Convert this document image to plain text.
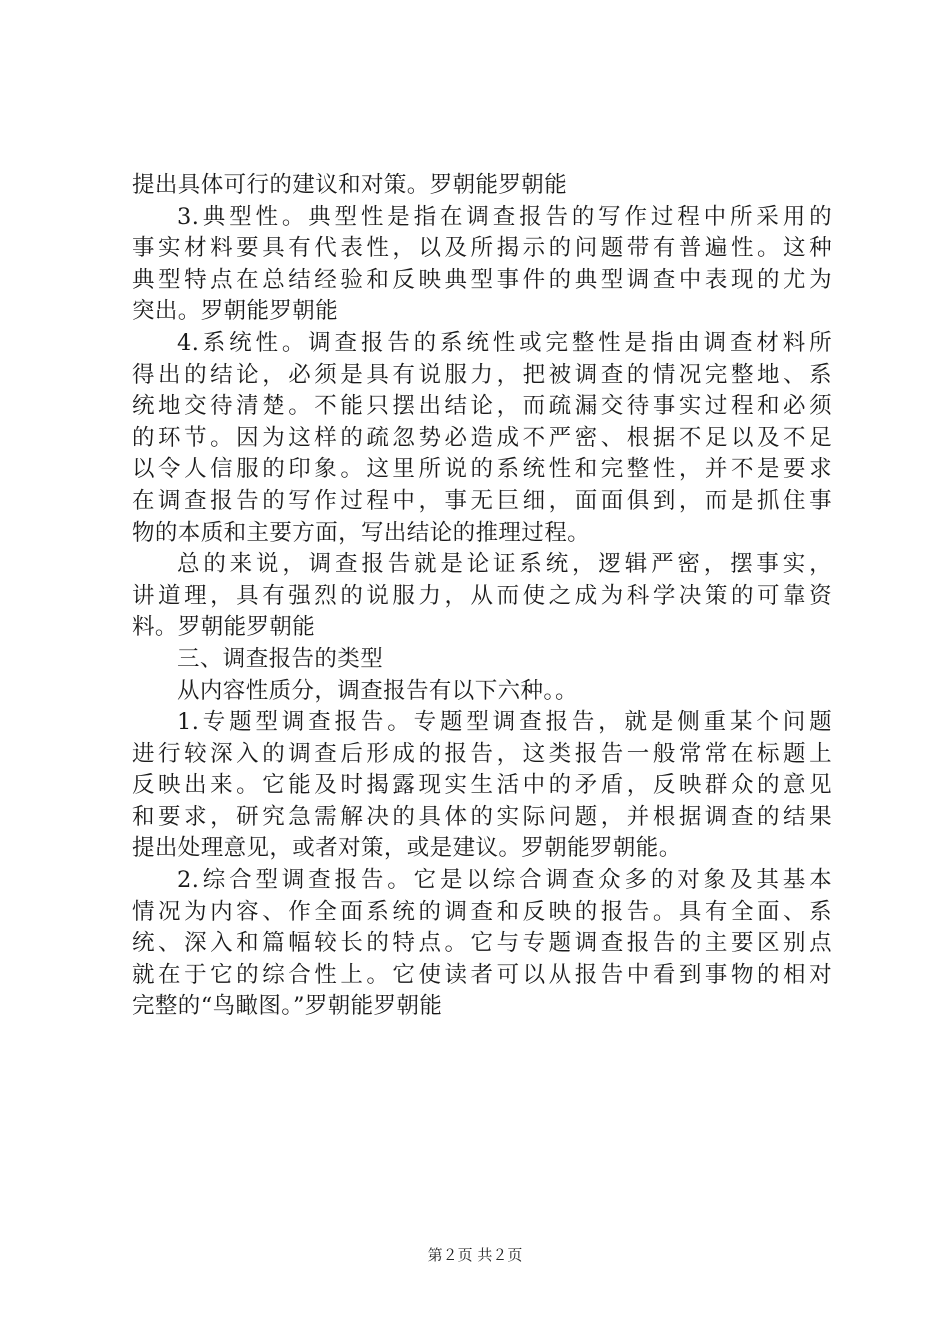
提出具体可行的建议和对策。罗朝能罗朝能
3.典型性。典型性是指在调查报告的写作过程中所采用的
事实材料要具有代表性，以及所揭示的问题带有普遍性。这种
典型特点在总结经验和反映典型事件的典型调查中表现的尤为
突出。罗朝能罗朝能
4.系统性。调查报告的系统性或完整性是指由调查材料所
得出的结论，必须是具有说服力，把被调查的情况完整地、系
统地交待清楚。不能只摆出结论，而疏漏交待事实过程和必须
的环节。因为这样的疏忽势必造成不严密、根据不足以及不足
以令人信服的印象。这里所说的系统性和完整性，并不是要求
在调查报告的写作过程中，事无巨细，面面俱到，而是抓住事
物的本质和主要方面，写出结论的推理过程。
总的来说，调查报告就是论证系统，逻辑严密，摆事实，
讲道理，具有强烈的说服力，从而使之成为科学决策的可靠资
料。罗朝能罗朝能
三、调查报告的类型
从内容性质分，调查报告有以下六种。。
1.专题型调查报告。专题型调查报告，就是侧重某个问题
进行较深入的调查后形成的报告，这类报告一般常常在标题上
反映出来。它能及时揭露现实生活中的矛盾，反映群众的意见
和要求，研究急需解决的具体的实际问题，并根据调查的结果
提出处理意见，或者对策，或是建议。罗朝能罗朝能。
2.综合型调查报告。它是以综合调查众多的对象及其基本
情况为内容、作全面系统的调查和反映的报告。具有全面、系
统、深入和篇幅较长的特点。它与专题调查报告的主要区别点
就在于它的综合性上。它使读者可以从报告中看到事物的相对
完整的“鸟瞰图。”罗朝能罗朝能
第２页 共２页
